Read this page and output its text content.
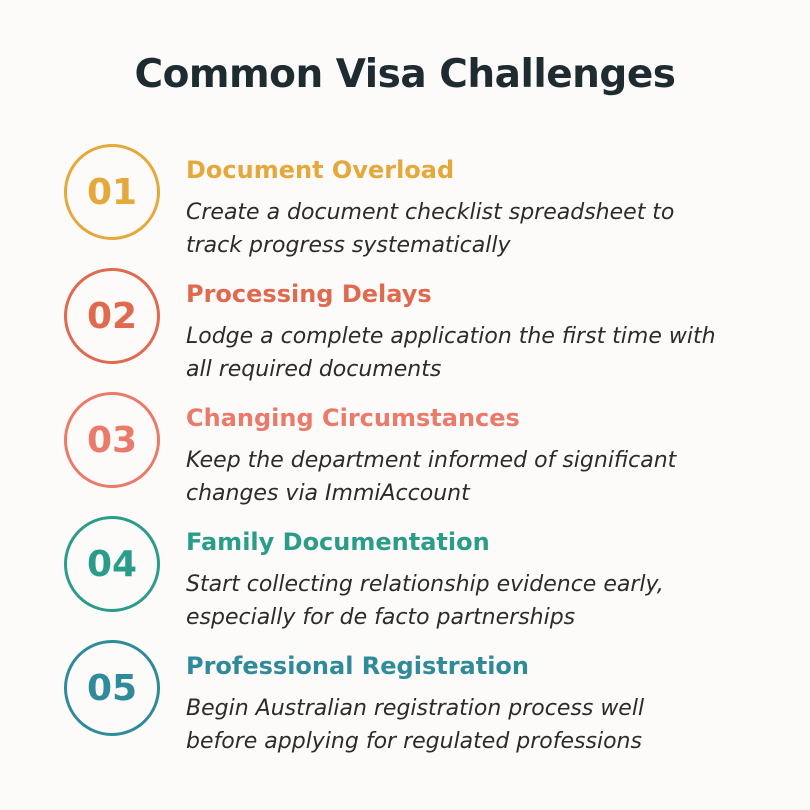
Common Visa Challenges
01
Document Overload
Create a document checklist spreadsheet to
track progress systematically
02
Processing Delays
Lodge a complete application the first time with
all required documents
03
Changing Circumstances
Keep the department informed of significant
changes via ImmiAccount
04
Family Documentation
Start collecting relationship evidence early,
especially for de facto partnerships
05
Professional Registration
Begin Australian registration process well
before applying for regulated professions
